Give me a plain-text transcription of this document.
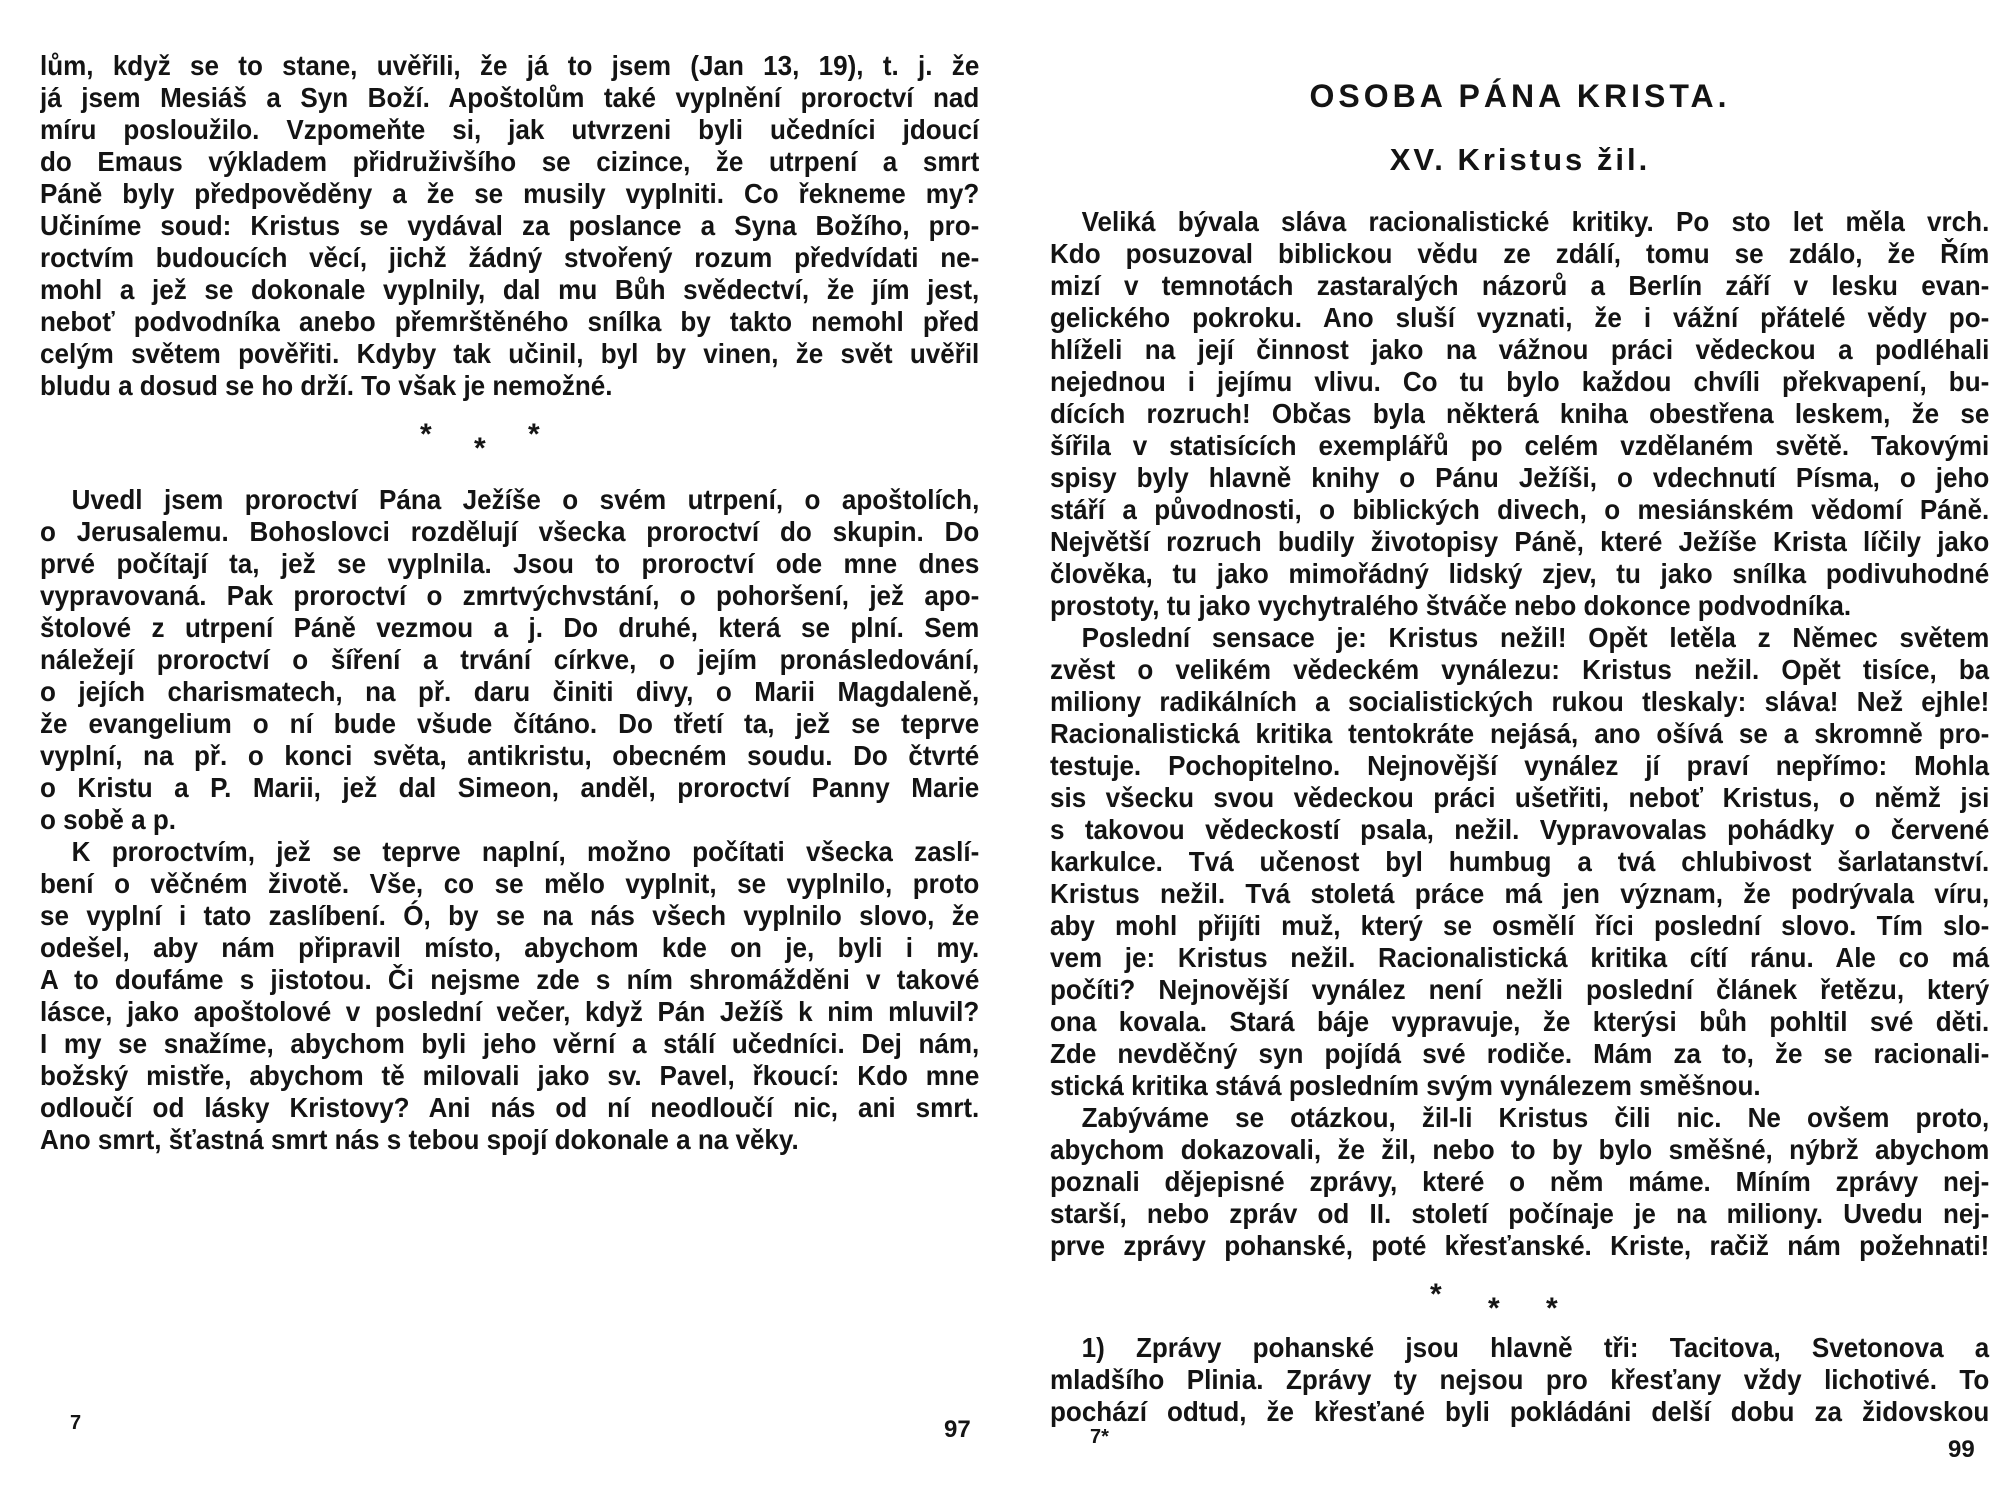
lům, když se to stane, uvěřili, že já to jsem (Jan 13, 19), t. j. že
já jsem Mesiáš a Syn Boží. Apoštolům také vyplnění proroctví nad
míru posloužilo. Vzpomeňte si, jak utvrzeni byli učedníci jdoucí
do Emaus výkladem přidruživšího se cizince, že utrpení a smrt
Páně byly předpověděny a že se musily vyplniti. Co řekneme my?
Učiníme soud: Kristus se vydával za poslance a Syna Božího, pro-
roctvím budoucích věcí, jichž žádný stvořený rozum předvídati ne-
mohl a jež se dokonale vyplnily, dal mu Bůh svědectví, že jím jest,
neboť podvodníka anebo přemrštěného snílka by takto nemohl před
celým světem pověřiti. Kdyby tak učinil, byl by vinen, že svět uvěřil
bludu a dosud se ho drží. To však je nemožné.
* * *
Uvedl jsem proroctví Pána Ježíše o svém utrpení, o apoštolích,
o Jerusalemu. Bohoslovci rozdělují všecka proroctví do skupin. Do
prvé počítají ta, jež se vyplnila. Jsou to proroctví ode mne dnes
vypravovaná. Pak proroctví o zmrtvýchvstání, o pohoršení, jež apo-
štolové z utrpení Páně vezmou a j. Do druhé, která se plní. Sem
náležejí proroctví o šíření a trvání církve, o jejím pronásledování,
o jejích charismatech, na př. daru činiti divy, o Marii Magdaleně,
že evangelium o ní bude všude čítáno. Do třetí ta, jež se teprve
vyplní, na př. o konci světa, antikristu, obecném soudu. Do čtvrté
o Kristu a P. Marii, jež dal Simeon, anděl, proroctví Panny Marie
o sobě a p.
K proroctvím, jež se teprve naplní, možno počítati všecka zaslí-
bení o věčném životě. Vše, co se mělo vyplnit, se vyplnilo, proto
se vyplní i tato zaslíbení. Ó, by se na nás všech vyplnilo slovo, že
odešel, aby nám připravil místo, abychom kde on je, byli i my.
A to doufáme s jistotou. Či nejsme zde s ním shromážděni v takové
lásce, jako apoštolové v poslední večer, když Pán Ježíš k nim mluvil?
I my se snažíme, abychom byli jeho věrní a stálí učedníci. Dej nám,
božský mistře, abychom tě milovali jako sv. Pavel, řkoucí: Kdo mne
odloučí od lásky Kristovy? Ani nás od ní neodloučí nic, ani smrt.
Ano smrt, šťastná smrt nás s tebou spojí dokonale a na věky.
7	97
OSOBA PÁNA KRISTA.
XV. Kristus žil.
Veliká bývala sláva racionalistické kritiky. Po sto let měla vrch.
Kdo posuzoval biblickou vědu ze zdálí, tomu se zdálo, že Řím
mizí v temnotách zastaralých názorů a Berlín září v lesku evan-
gelického pokroku. Ano sluší vyznati, že i vážní přátelé vědy po-
hlíželi na její činnost jako na vážnou práci vědeckou a podléhali
nejednou i jejímu vlivu. Co tu bylo každou chvíli překvapení, bu-
dících rozruch! Občas byla některá kniha obestřena leskem, že se
šířila v statisících exemplářů po celém vzdělaném světě. Takovými
spisy byly hlavně knihy o Pánu Ježíši, o vdechnutí Písma, o jeho
stáří a původnosti, o biblických divech, o mesiánském vědomí Páně.
Největší rozruch budily životopisy Páně, které Ježíše Krista líčily jako
člověka, tu jako mimořádný lidský zjev, tu jako snílka podivuhodné
prostoty, tu jako vychytralého štváče nebo dokonce podvodníka.
Poslední sensace je: Kristus nežil! Opět letěla z Němec světem
zvěst o velikém vědeckém vynálezu: Kristus nežil. Opět tisíce, ba
miliony radikálních a socialistických rukou tleskaly: sláva! Než ejhle!
Racionalistická kritika tentokráte nejásá, ano ošívá se a skromně pro-
testuje. Pochopitelno. Nejnovější vynález jí praví nepřímo: Mohla
sis všecku svou vědeckou práci ušetřiti, neboť Kristus, o němž jsi
s takovou vědeckostí psala, nežil. Vypravovalas pohádky o červené
karkulce. Tvá učenost byl humbug a tvá chlubivost šarlatanství.
Kristus nežil. Tvá stoletá práce má jen význam, že podrývala víru,
aby mohl přijíti muž, který se osmělí říci poslední slovo. Tím slo-
vem je: Kristus nežil. Racionalistická kritika cítí ránu. Ale co má
počíti? Nejnovější vynález není nežli poslední článek řetězu, který
ona kovala. Stará báje vypravuje, že kterýsi bůh pohltil své děti.
Zde nevděčný syn pojídá své rodiče. Mám za to, že se racionali-
stická kritika stává posledním svým vynálezem směšnou.
Zabýváme se otázkou, žil-li Kristus čili nic. Ne ovšem proto,
abychom dokazovali, že žil, nebo to by bylo směšné, nýbrž abychom
poznali dějepisné zprávy, které o něm máme. Míním zprávy nej-
starší, nebo zpráv od II. století počínaje je na miliony. Uvedu nej-
prve zprávy pohanské, poté křesťanské. Kriste, račiž nám požehnati!
* * *
1) Zprávy pohanské jsou hlavně tři: Tacitova, Svetonova a
mladšího Plinia. Zprávy ty nejsou pro křesťany vždy lichotivé. To
pochází odtud, že křesťané byli pokládáni delší dobu za židovskou
7*	99
